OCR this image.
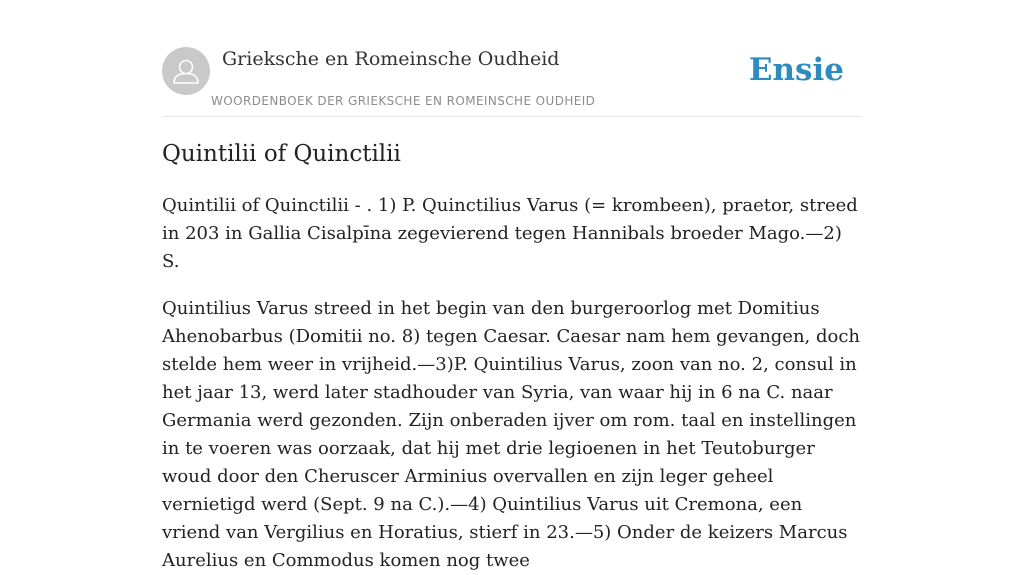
Grieksche en Romeinsche Oudheid
WOORDENBOEK DER GRIEKSCHE EN ROMEINSCHE OUDHEID
Ensie
Quintilii of Quinctilii

Quintilii of Quinctilii - . 1) P. Quinctilius Varus (= krombeen), praetor, streed in 203 in Gallia Cisalpīna zegevierend tegen Hannibals broeder Mago.—2) S.

Quintilius Varus streed in het begin van den burgeroorlog met Domitius Ahenobarbus (Domitii no. 8) tegen Caesar. Caesar nam hem gevangen, doch stelde hem weer in vrijheid.—3)P. Quintilius Varus, zoon van no. 2, consul in het jaar 13, werd later stadhouder van Syria, van waar hij in 6 na C. naar Germania werd gezonden. Zijn onberaden ijver om rom. taal en instellingen in te voeren was oorzaak, dat hij met drie legioenen in het Teutoburger woud door den Cheruscer Arminius overvallen en zijn leger geheel vernietigd werd (Sept. 9 na C.).—4) Quintilius Varus uit Cremona, een vriend van Vergilius en Horatius, stierf in 23.—5) Onder de keizers Marcus Aurelius en Commodus komen nog twee
